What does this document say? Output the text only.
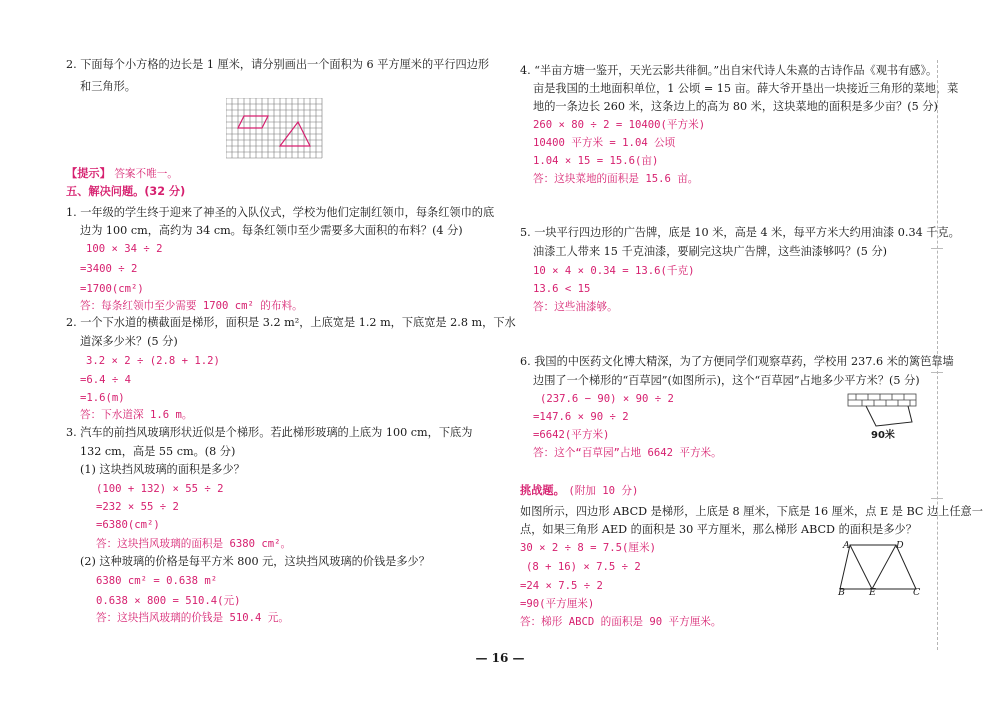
2. 下面每个小方格的边长是 1 厘米，请分别画出一个面积为 6 平方厘米的平行四边形
和三角形。
【提示】 答案不唯一。
五、解决问题。(32 分)
1. 一年级的学生终于迎来了神圣的入队仪式，学校为他们定制红领巾，每条红领巾的底
边为 100 cm，高约为 34 cm。每条红领巾至少需要多大面积的布料？(4 分)
100 × 34 ÷ 2
=3400 ÷ 2
=1700(cm²)
答：每条红领巾至少需要 1700 cm² 的布料。
2. 一个下水道的横截面是梯形，面积是 3.2 m²，上底宽是 1.2 m，下底宽是 2.8 m，下水
道深多少米？(5 分)
3.2 × 2 ÷ (2.8 + 1.2)
=6.4 ÷ 4
=1.6(m)
答：下水道深 1.6 m。
3. 汽车的前挡风玻璃形状近似是个梯形。若此梯形玻璃的上底为 100 cm，下底为
132 cm，高是 55 cm。(8 分)
(1) 这块挡风玻璃的面积是多少？
(100 + 132) × 55 ÷ 2
=232 × 55 ÷ 2
=6380(cm²)
答：这块挡风玻璃的面积是 6380 cm²。
(2) 这种玻璃的价格是每平方米 800 元，这块挡风玻璃的价钱是多少？
6380 cm² = 0.638 m²
0.638 × 800 = 510.4(元)
答：这块挡风玻璃的价钱是 510.4 元。
4. “半亩方塘一鉴开，天光云影共徘徊。”出自宋代诗人朱熹的古诗作品《观书有感》。
亩是我国的土地面积单位，1 公顷 = 15 亩。薛大爷开垦出一块接近三角形的菜地，菜
地的一条边长 260 米，这条边上的高为 80 米，这块菜地的面积是多少亩？(5 分)
260 × 80 ÷ 2 = 10400(平方米)
10400 平方米 = 1.04 公顷
1.04 × 15 = 15.6(亩)
答：这块菜地的面积是 15.6 亩。
5. 一块平行四边形的广告牌，底是 10 米，高是 4 米，每平方米大约用油漆 0.34 千克。
油漆工人带来 15 千克油漆，要刷完这块广告牌，这些油漆够吗？(5 分)
10 × 4 × 0.34 = 13.6(千克)
13.6 < 15
答：这些油漆够。
6. 我国的中医药文化博大精深，为了方便同学们观察草药，学校用 237.6 米的篱笆靠墙
边围了一个梯形的“百草园”(如图所示)，这个“百草园”占地多少平方米？(5 分)
(237.6 − 90) × 90 ÷ 2
=147.6 × 90 ÷ 2
=6642(平方米)
答：这个“百草园”占地 6642 平方米。
90米
挑战题。 (附加 10 分)
如图所示，四边形 ABCD 是梯形，上底是 8 厘米，下底是 16 厘米，点 E 是 BC 边上任意一
点，如果三角形 AED 的面积是 30 平方厘米，那么梯形 ABCD 的面积是多少？
30 × 2 ÷ 8 = 7.5(厘米)
(8 + 16) × 7.5 ÷ 2
=24 × 7.5 ÷ 2
=90(平方厘米)
答：梯形 ABCD 的面积是 90 平方厘米。
A	D
B	E	C
— 16 —
